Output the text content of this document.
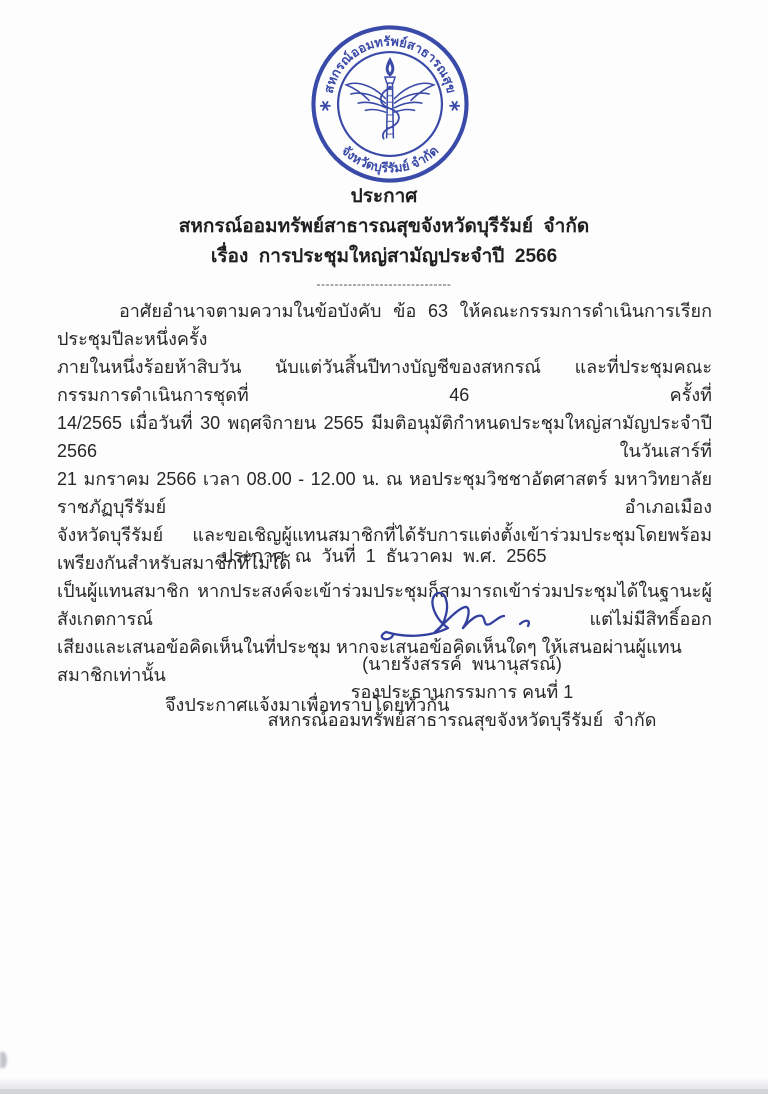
สหกรณ์ออมทรัพย์สาธารณสุข
จังหวัดบุรีรัมย์ จำกัด
ประกาศ
สหกรณ์ออมทรัพย์สาธารณสุขจังหวัดบุรีรัมย์  จำกัด
เรื่อง  การประชุมใหญ่สามัญประจำปี  2566
------------------------------
อาศัยอำนาจตามความในข้อบังคับ ข้อ 63 ให้คณะกรรมการดำเนินการเรียกประชุมปีละหนึ่งครั้ง
ภายในหนึ่งร้อยห้าสิบวัน นับแต่วันสิ้นปีทางบัญชีของสหกรณ์ และที่ประชุมคณะกรรมการดำเนินการชุดที่ 46 ครั้งที่
14/2565 เมื่อวันที่ 30 พฤศจิกายน 2565 มีมติอนุมัติกำหนดประชุมใหญ่สามัญประจำปี 2566 ในวันเสาร์ที่
21 มกราคม 2566 เวลา 08.00 - 12.00 น. ณ หอประชุมวิชชาอัตศาสตร์ มหาวิทยาลัยราชภัฏบุรีรัมย์ อำเภอเมือง
จังหวัดบุรีรัมย์ และขอเชิญผู้แทนสมาชิกที่ได้รับการแต่งตั้งเข้าร่วมประชุมโดยพร้อมเพรียงกันสำหรับสมาชิกที่ไม่ได้
เป็นผู้แทนสมาชิก หากประสงค์จะเข้าร่วมประชุมก็สามารถเข้าร่วมประชุมได้ในฐานะผู้สังเกตการณ์ แต่ไม่มีสิทธิ์ออก
เสียงและเสนอข้อคิดเห็นในที่ประชุม หากจะเสนอข้อคิดเห็นใดๆ ให้เสนอผ่านผู้แทนสมาชิกเท่านั้น
จึงประกาศแจ้งมาเพื่อทราบโดยทั่วกัน
ประกาศ  ณ  วันที่  1  ธันวาคม  พ.ศ.  2565
(นายรังสรรค์  พนานุสรณ์)
รองประธานกรรมการ คนที่ 1
สหกรณ์ออมทรัพย์สาธารณสุขจังหวัดบุรีรัมย์  จำกัด
